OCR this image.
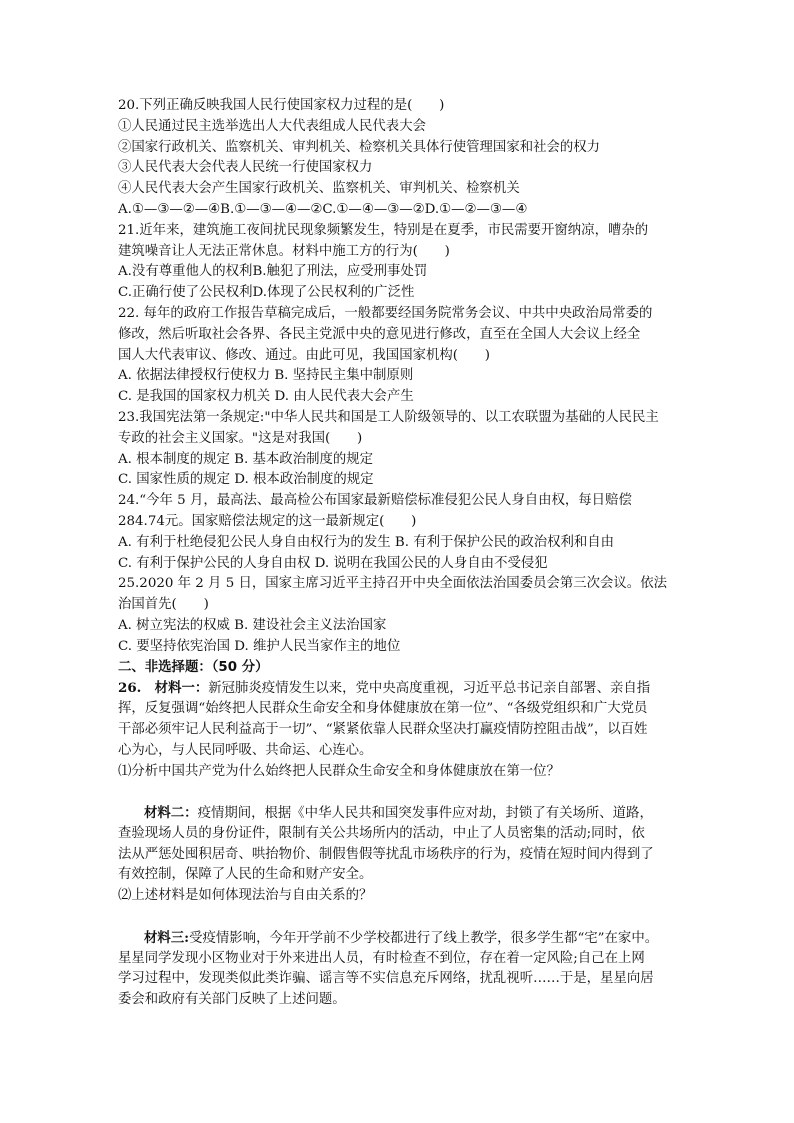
20.下列正确反映我国人民行使国家权力过程的是(　　)
①人民通过民主选举选出人大代表组成人民代表大会
②国家行政机关、监察机关、审判机关、检察机关具体行使管理国家和社会的权力
③人民代表大会代表人民统一行使国家权力
④人民代表大会产生国家行政机关、监察机关、审判机关、检察机关
A.①—③—②—④B.①—③—④—②C.①—④—③—②D.①—②—③—④
21.近年来，建筑施工夜间扰民现象频繁发生，特别是在夏季，市民需要开窗纳凉，嘈杂的
建筑噪音让人无法正常休息。材料中施工方的行为(　　)
A.没有尊重他人的权利B.触犯了刑法，应受刑事处罚
C.正确行使了公民权利D.体现了公民权利的广泛性
22. 每年的政府工作报告草稿完成后，一般都要经国务院常务会议、中共中央政治局常委的
修改，然后听取社会各界、各民主党派中央的意见进行修改，直至在全国人大会议上经全
国人大代表审议、修改、通过。由此可见，我国国家机构(　　)
A. 依据法律授权行使权力 B. 坚持民主集中制原则
C. 是我国的国家权力机关 D. 由人民代表大会产生
23.我国宪法第一条规定:"中华人民共和国是工人阶级领导的、以工农联盟为基础的人民民主
专政的社会主义国家。"这是对我国(　　)
A. 根本制度的规定 B. 基本政治制度的规定
C. 国家性质的规定 D. 根本政治制度的规定
24.“今年 5 月，最高法、最高检公布国家最新赔偿标准侵犯公民人身自由权，每日赔偿
284.74元。国家赔偿法规定的这一最新规定(　　)
A. 有利于杜绝侵犯公民人身自由权行为的发生 B. 有利于保护公民的政治权利和自由
C. 有利于保护公民的人身自由权 D. 说明在我国公民的人身自由不受侵犯
25.2020 年 2 月 5 日，国家主席习近平主持召开中央全面依法治国委员会第三次会议。依法
治国首先(　　)
A. 树立宪法的权威 B. 建设社会主义法治国家
C. 要坚持依宪治国 D. 维护人民当家作主的地位
二、非选择题：（50 分）
26.　材料一：新冠肺炎疫情发生以来，党中央高度重视，习近平总书记亲自部署、亲自指
挥，反复强调“始终把人民群众生命安全和身体健康放在第一位”、“各级党组织和广大党员
干部必须牢记人民利益高于一切”、“紧紧依靠人民群众坚决打赢疫情防控阻击战”，以百姓
心为心，与人民同呼吸、共命运、心连心。
⑴分析中国共产党为什么始终把人民群众生命安全和身体健康放在第一位？
材料二：疫情期间，根据《中华人民共和国突发事件应对劫，封锁了有关场所、道路，
查验现场人员的身份证件，限制有关公共场所内的活动，中止了人员密集的活动;同时，依
法从严惩处囤积居奇、哄抬物价、制假售假等扰乱市场秩序的行为，疫情在短时间内得到了
有效控制，保障了人民的生命和财产安全。
⑵上述材料是如何体现法治与自由关系的？
材料三:受疫情影响，今年开学前不少学校都进行了线上教学，很多学生都“宅”在家中。
星星同学发现小区物业对于外来进出人员，有时检查不到位，存在着一定风险;自己在上网
学习过程中，发现类似此类诈骗、谣言等不实信息充斥网络，扰乱视听……于是，星星向居
委会和政府有关部门反映了上述问题。
